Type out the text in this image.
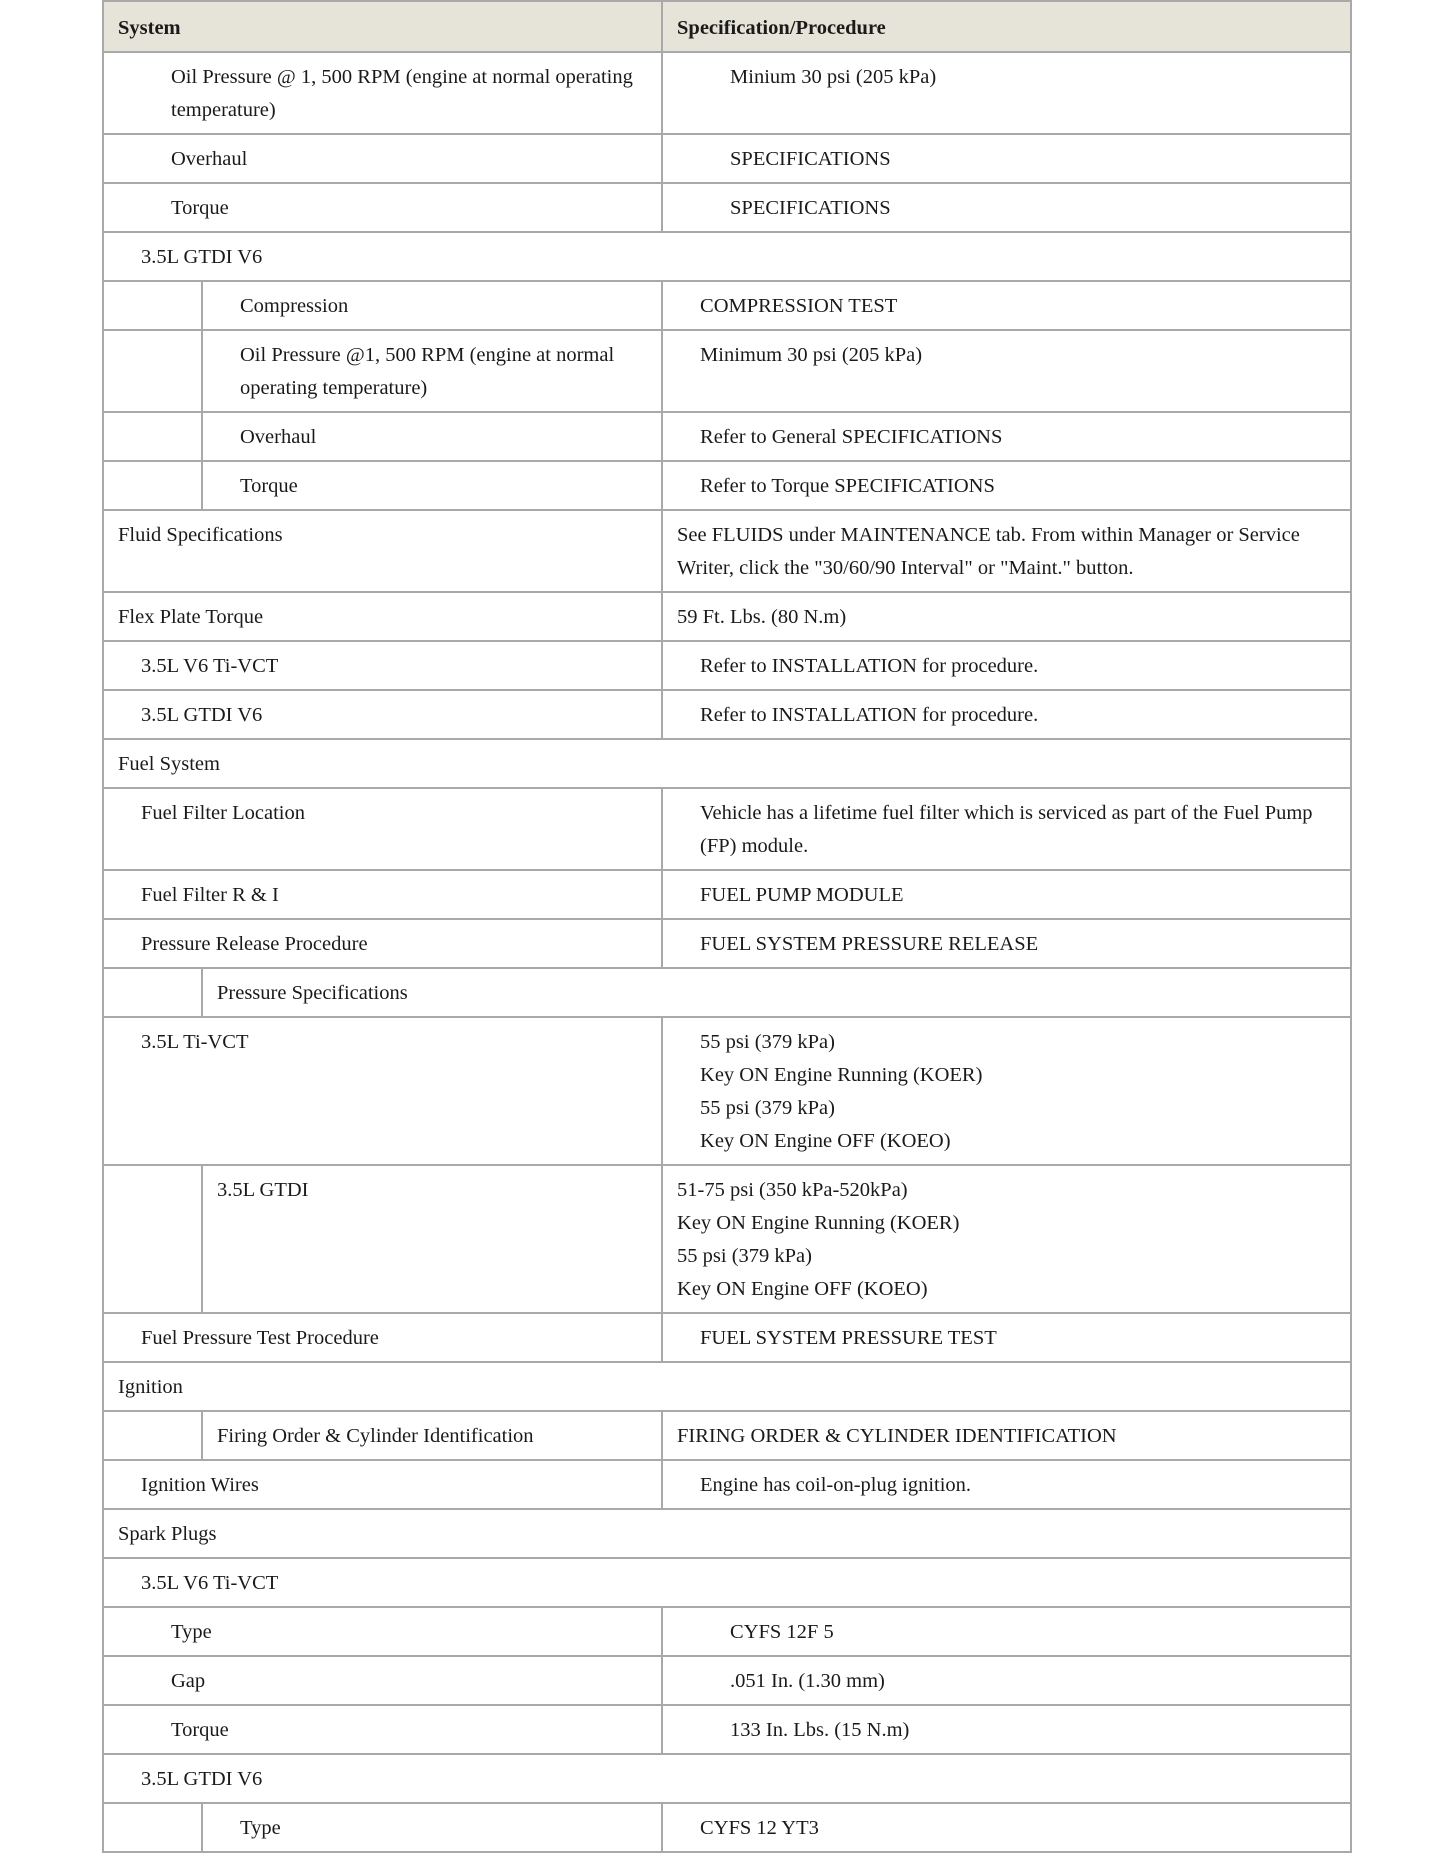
System		Specification/Procedure
Oil Pressure @ 1, 500 RPM (engine at normal operating temperature)		Minium 30 psi (205 kPa)
Overhaul		SPECIFICATIONS
Torque		SPECIFICATIONS
3.5L GTDI V6		
	Compression	COMPRESSION TEST
	Oil Pressure @1, 500 RPM (engine at normal operating temperature)	Minimum 30 psi (205 kPa)
	Overhaul	Refer to General SPECIFICATIONS
	Torque	Refer to Torque SPECIFICATIONS
Fluid Specifications		See FLUIDS under MAINTENANCE tab. From within Manager or Service Writer, click the "30/60/90 Interval" or "Maint." button.
Flex Plate Torque		59 Ft. Lbs. (80 N.m)
3.5L V6 Ti-VCT		Refer to INSTALLATION for procedure.
3.5L GTDI V6		Refer to INSTALLATION for procedure.
Fuel System		
Fuel Filter Location		Vehicle has a lifetime fuel filter which is serviced as part of the Fuel Pump (FP) module.
Fuel Filter R & I		FUEL PUMP MODULE
Pressure Release Procedure		FUEL SYSTEM PRESSURE RELEASE
	Pressure Specifications	
3.5L Ti-VCT		55 psi (379 kPa)
Key ON Engine Running (KOER)
55 psi (379 kPa)
Key ON Engine OFF (KOEO)

	3.5L GTDI	51-75 psi (350 kPa-520kPa)
Key ON Engine Running (KOER)
55 psi (379 kPa)
Key ON Engine OFF (KOEO)

Fuel Pressure Test Procedure		FUEL SYSTEM PRESSURE TEST
Ignition		
	Firing Order & Cylinder Identification	FIRING ORDER & CYLINDER IDENTIFICATION
Ignition Wires		Engine has coil-on-plug ignition.
Spark Plugs		
3.5L V6 Ti-VCT		
Type		CYFS 12F 5
Gap		.051 In. (1.30 mm)
Torque		133 In. Lbs. (15 N.m)
3.5L GTDI V6		
	Type	CYFS 12 YT3
